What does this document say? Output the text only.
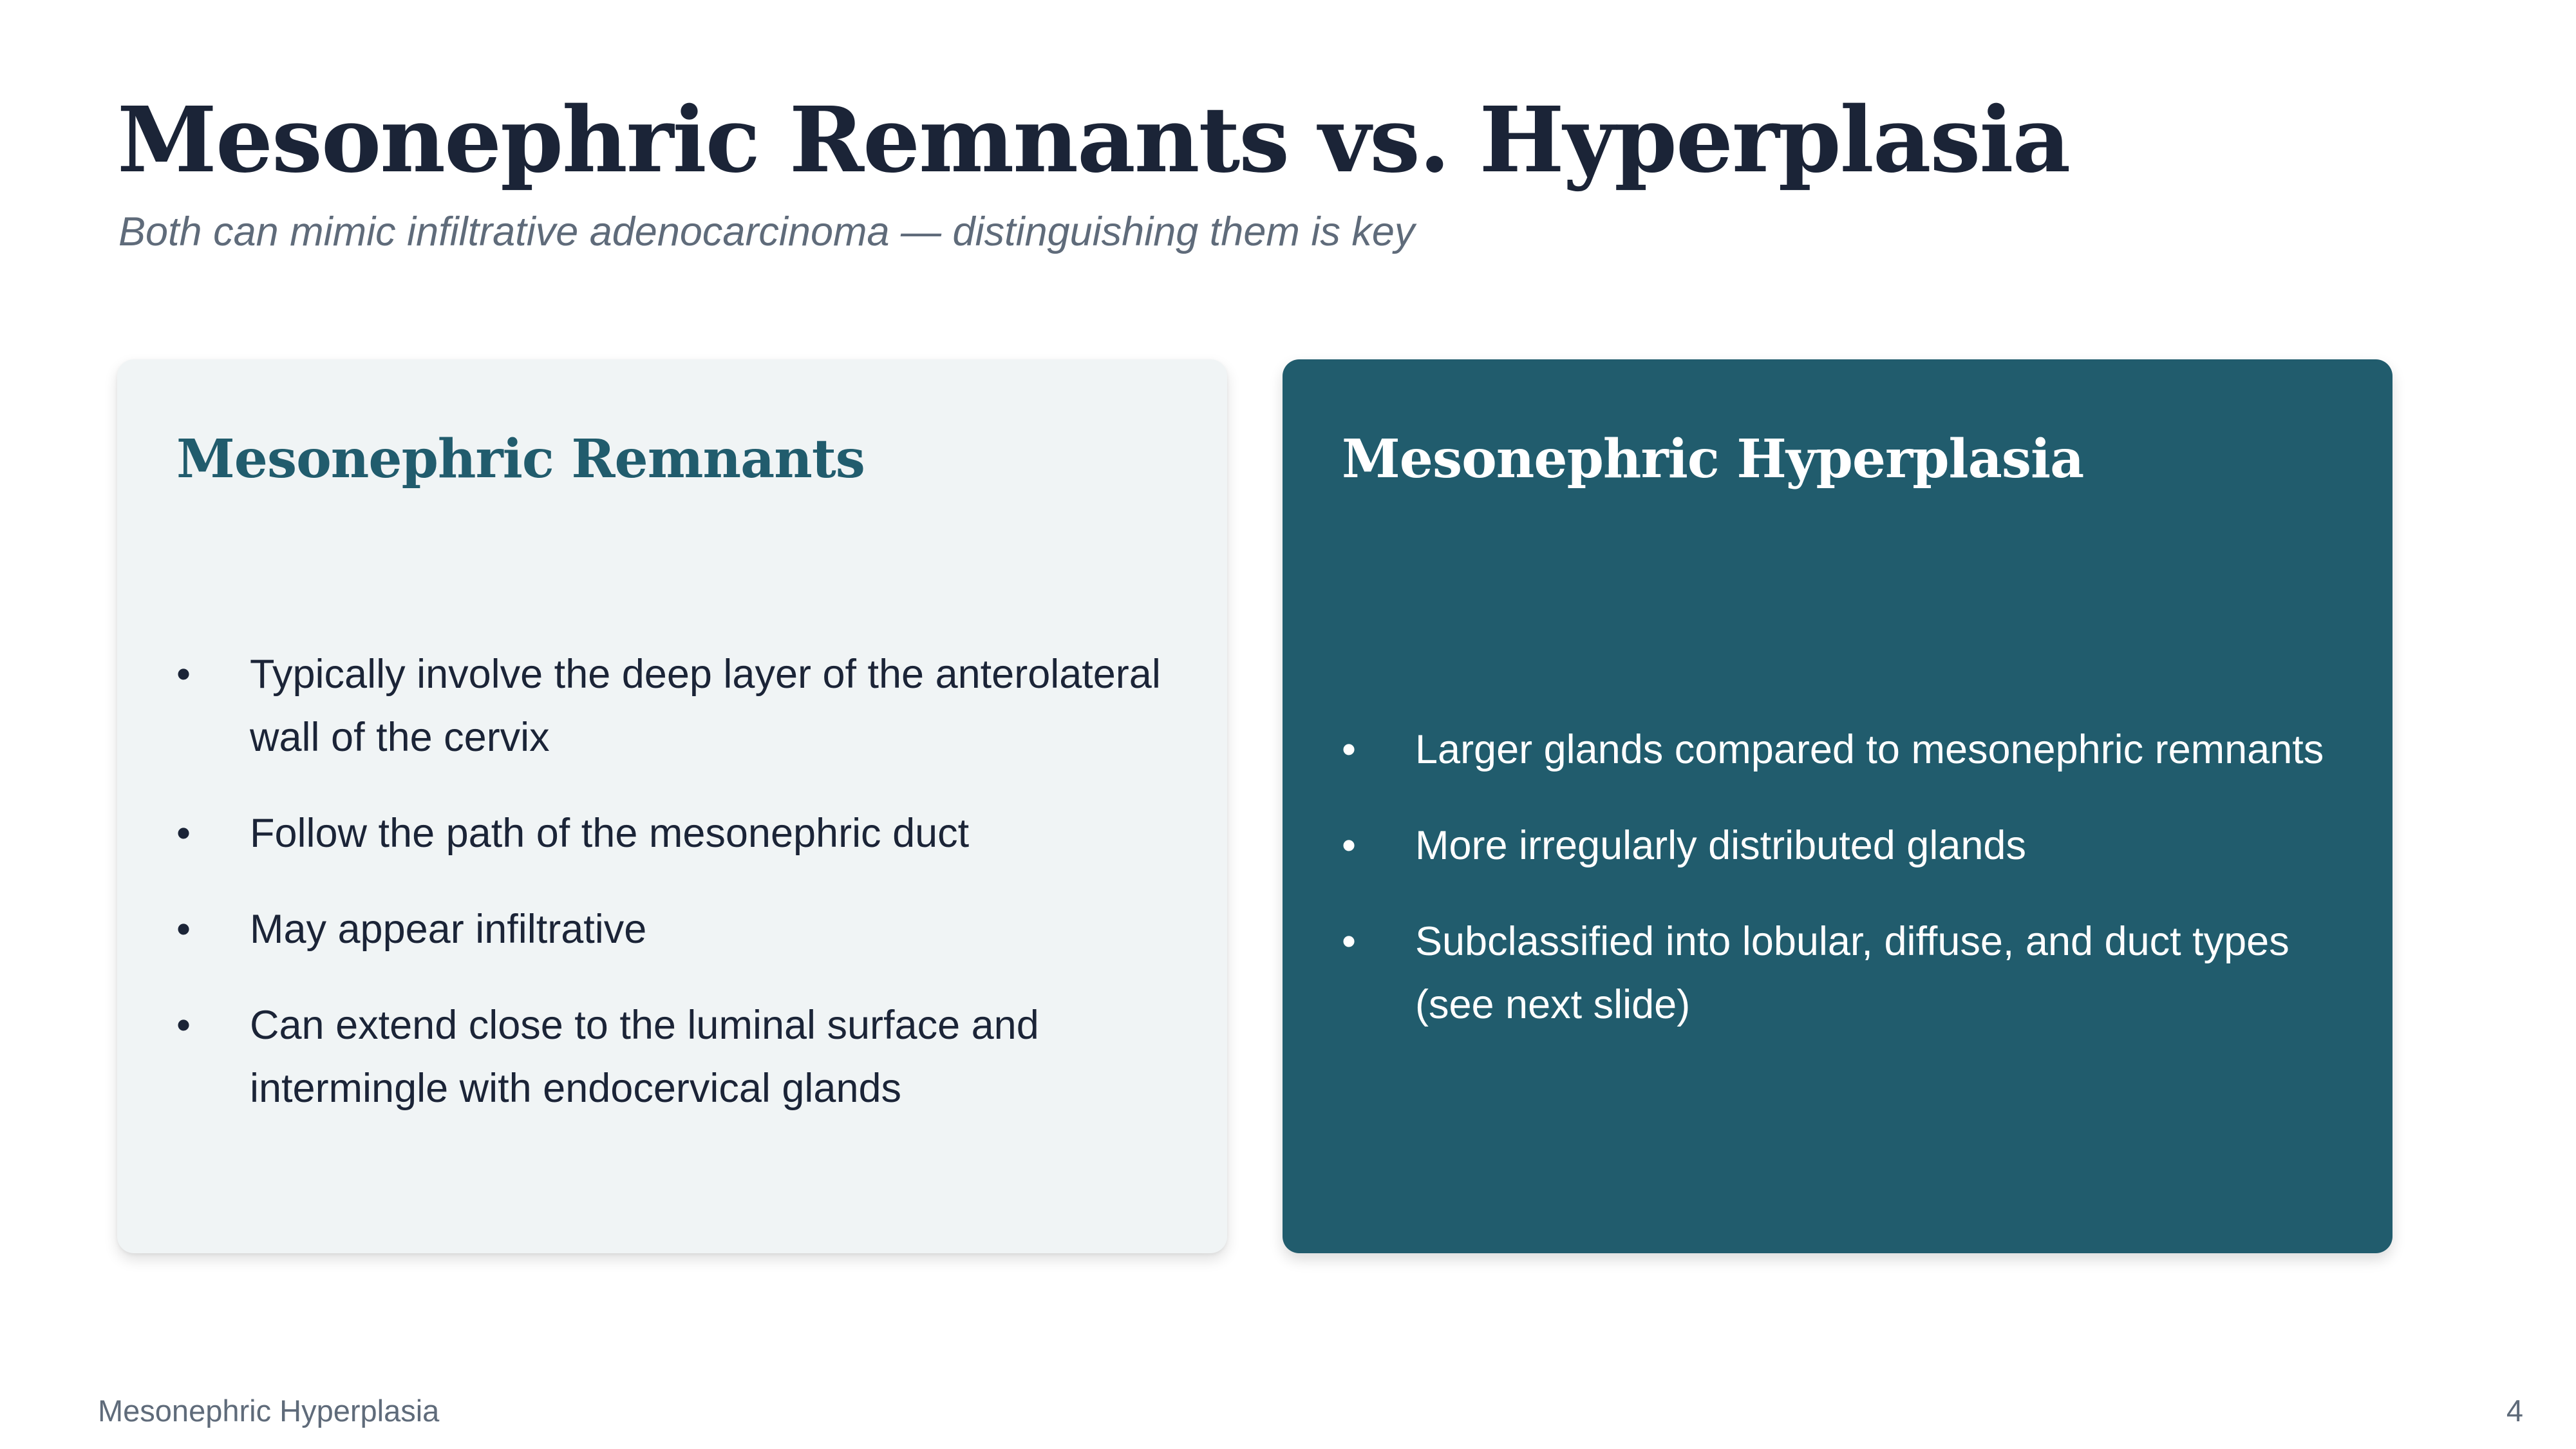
Mesonephric Remnants vs. Hyperplasia

Both can mimic infiltrative adenocarcinoma — distinguishing them is key

Mesonephric Remnants
• Typically involve the deep layer of the anterolateral wall of the cervix
• Follow the path of the mesonephric duct
• May appear infiltrative
• Can extend close to the luminal surface and intermingle with endocervical glands
Mesonephric Hyperplasia
• Larger glands compared to mesonephric remnants
• More irregularly distributed glands
• Subclassified into lobular, diffuse, and duct types (see next slide)
Mesonephric Hyperplasia	4
